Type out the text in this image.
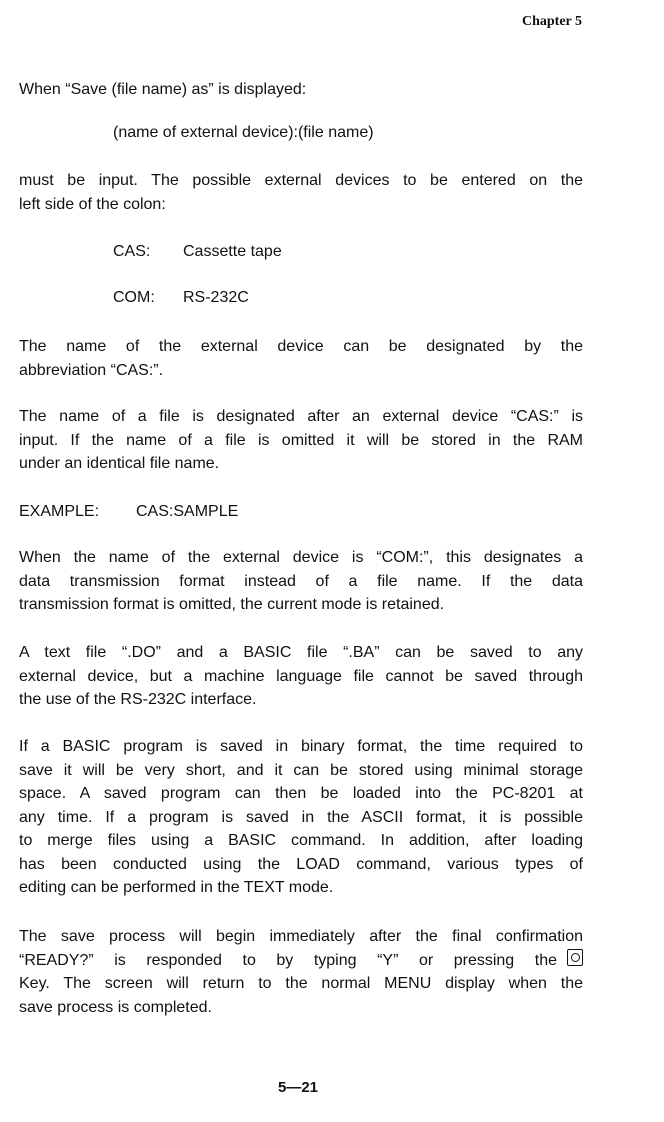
Chapter 5

When “Save (file name) as” is displayed:

(name of external device):(file name)

must be input. The possible external devices to be entered on the
left side of the colon:

CAS: Cassette tape

COM: RS-232C

The name of the external device can be designated by the
abbreviation “CAS:”.

The name of a file is designated after an external device “CAS:” is
input. If the name of a file is omitted it will be stored in the RAM
under an identical file name.

EXAMPLE: CAS:SAMPLE

When the name of the external device is “COM:”, this designates a
data transmission format instead of a file name. If the data
transmission format is omitted, the current mode is retained.

A text file “.DO” and a BASIC file “.BA” can be saved to any
external device, but a machine language file cannot be saved through
the use of the RS-232C interface.

If a BASIC program is saved in binary format, the time required to
save it will be very short, and it can be stored using minimal storage
space. A saved program can then be loaded into the PC-8201 at
any time. If a program is saved in the ASCII format, it is possible
to merge files using a BASIC command. In addition, after loading
has been conducted using the LOAD command, various types of
editing can be performed in the TEXT mode.

The save process will begin immediately after the final confirmation
“READY?” is responded to by typing “Y” or pressing the
Key. The screen will return to the normal MENU display when the
save process is completed.

5—21
